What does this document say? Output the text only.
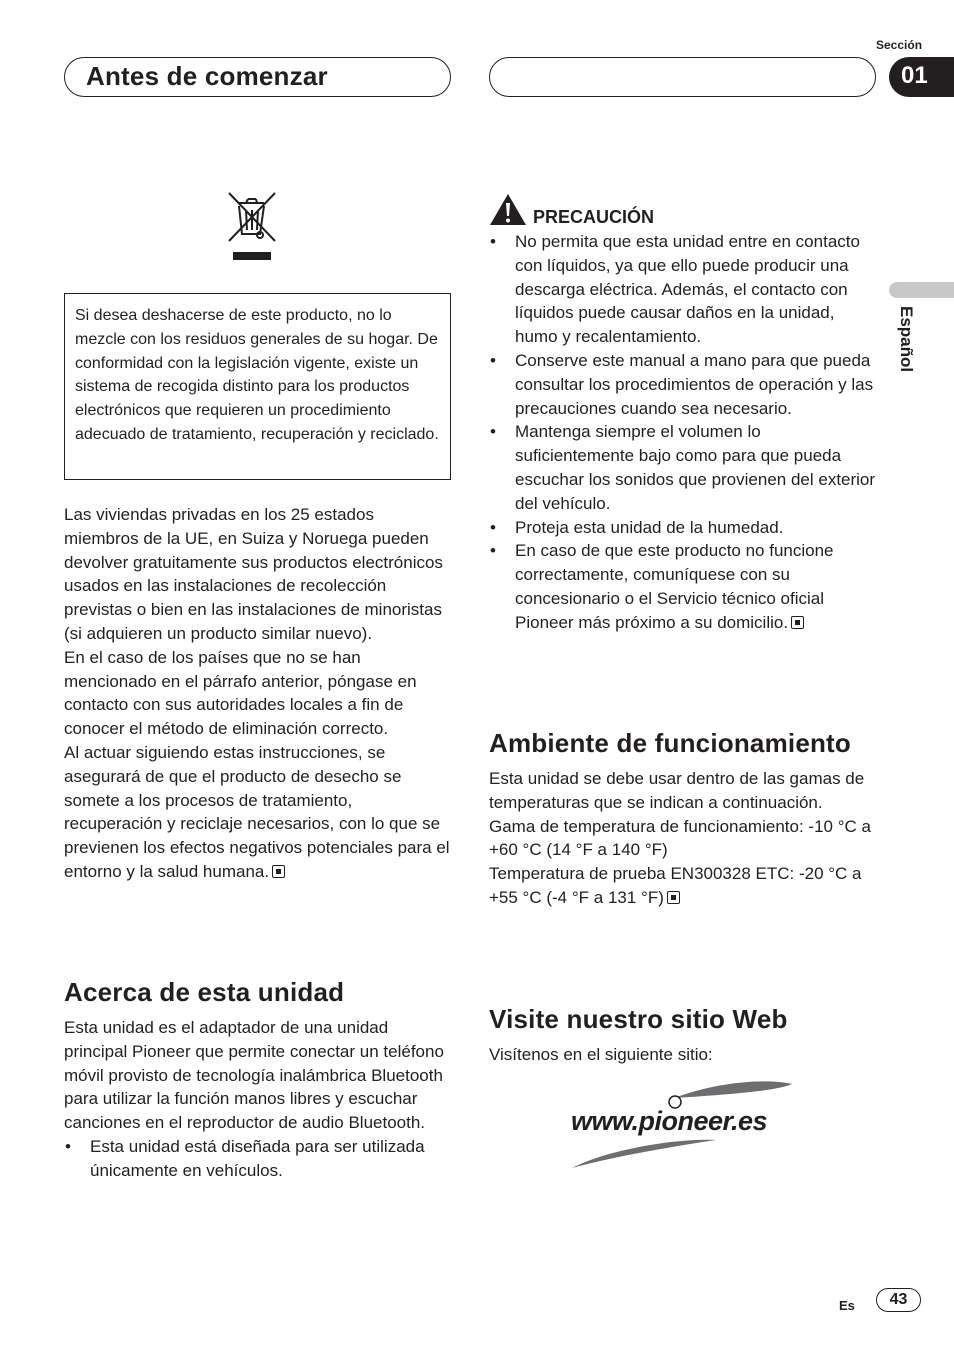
Antes de comenzar
Sección
01
Español
Si desea deshacerse de este producto, no lo mezcle con los residuos generales de su hogar. De conformidad con la legislación vigente, existe un sistema de recogida distinto para los productos electrónicos que requieren un procedimiento adecuado de tratamiento, recuperación y reciclado.
Las viviendas privadas en los 25 estados miembros de la UE, en Suiza y Noruega pueden devolver gratuitamente sus productos electrónicos usados en las instalaciones de recolección previstas o bien en las instalaciones de minoristas (si adquieren un producto similar nuevo).
En el caso de los países que no se han mencionado en el párrafo anterior, póngase en contacto con sus autoridades locales a fin de conocer el método de eliminación correcto.
Al actuar siguiendo estas instrucciones, se asegurará de que el producto de desecho se somete a los procesos de tratamiento, recuperación y reciclaje necesarios, con lo que se previenen los efectos negativos potenciales para el entorno y la salud humana.
Acerca de esta unidad
Esta unidad es el adaptador de una unidad principal Pioneer que permite conectar un teléfono móvil provisto de tecnología inalámbrica Bluetooth para utilizar la función manos libres y escuchar canciones en el reproductor de audio Bluetooth.
• Esta unidad está diseñada para ser utilizada únicamente en vehículos.
PRECAUCIÓN
• No permita que esta unidad entre en contacto con líquidos, ya que ello puede producir una descarga eléctrica. Además, el contacto con líquidos puede causar daños en la unidad, humo y recalentamiento.
• Conserve este manual a mano para que pueda consultar los procedimientos de operación y las precauciones cuando sea necesario.
• Mantenga siempre el volumen lo suficientemente bajo como para que pueda escuchar los sonidos que provienen del exterior del vehículo.
• Proteja esta unidad de la humedad.
• En caso de que este producto no funcione correctamente, comuníquese con su concesionario o el Servicio técnico oficial Pioneer más próximo a su domicilio.
Ambiente de funcionamiento
Esta unidad se debe usar dentro de las gamas de temperaturas que se indican a continuación.
Gama de temperatura de funcionamiento: -10 °C a +60 °C (14 °F a 140 °F)
Temperatura de prueba EN300328 ETC: -20 °C a +55 °C (-4 °F a 131 °F)
Visite nuestro sitio Web
Visítenos en el siguiente sitio:
www.pioneer.es
Es	43
